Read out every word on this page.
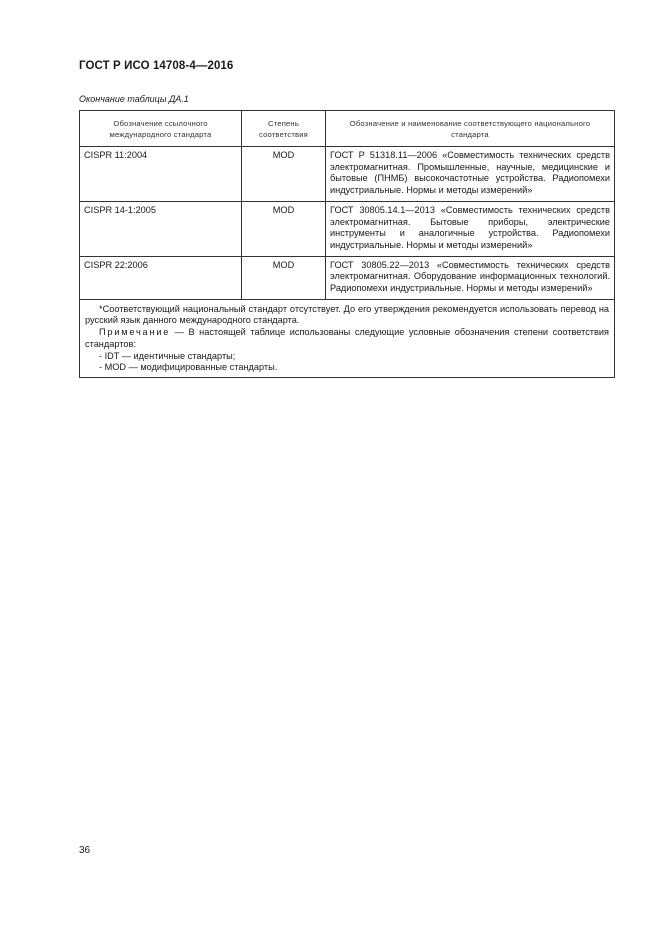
ГОСТ Р ИСО 14708-4—2016
Окончание таблицы ДА.1
Обозначение ссылочного международного стандарта	Степень соответствия	Обозначение и наименование соответствующего национального стандарта
CISPR 11:2004	MOD	ГОСТ Р 51318.11—2006 «Совместимость технических средств электромагнитная. Промышленные, научные, медицинские и бытовые (ПНМБ) высокочастотные устройства. Радиопомехи индустриальные. Нормы и методы измерений»
CISPR 14-1:2005	MOD	ГОСТ 30805.14.1—2013 «Совместимость технических средств электромагнитная. Бытовые приборы, электрические инструменты и аналогичные устройства. Радиопомехи индустриальные. Нормы и методы измерений»
CISPR 22:2006	MOD	ГОСТ 30805.22—2013 «Совместимость технических средств электромагнитная. Оборудование информационных технологий. Радиопомехи индустриальные. Нормы и методы измерений»

*Соответствующий национальный стандарт отсутствует. До его утверждения рекомендуется использовать перевод на русский язык данного международного стандарта.

Примечание — В настоящей таблице использованы следующие условные обозначения степени соответствия стандартов:

- IDT — идентичные стандарты;

- MOD — модифицированные стандарты.		

36
